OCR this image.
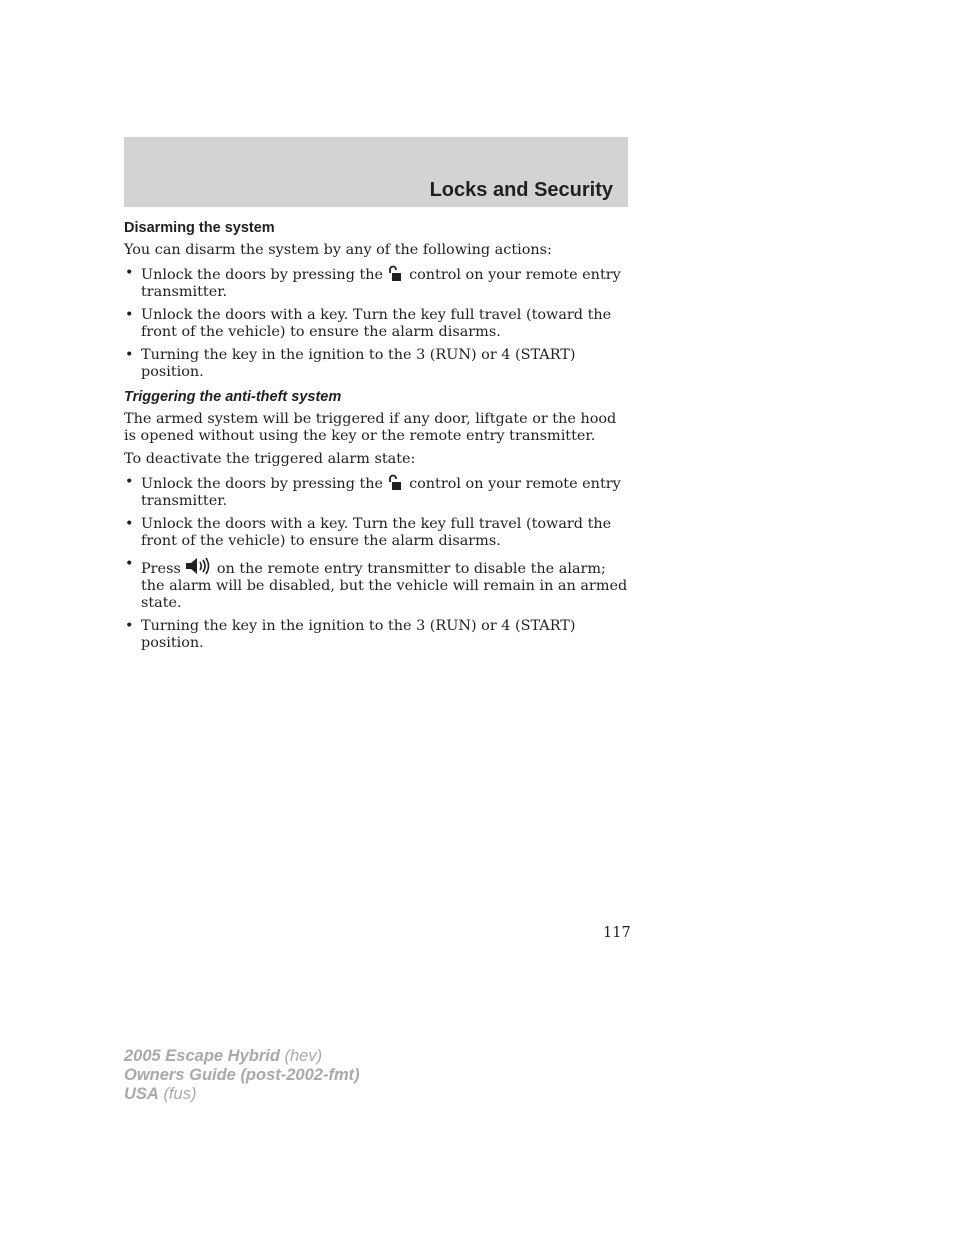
Locks and Security
Disarming the system

You can disarm the system by any of the following actions:

• Unlock the doors by pressing the control on your remote entry transmitter.
• Unlock the doors with a key. Turn the key full travel (toward the front of the vehicle) to ensure the alarm disarms.
• Turning the key in the ignition to the 3 (RUN) or 4 (START) position.
Triggering the anti-theft system

The armed system will be triggered if any door, liftgate or the hood is opened without using the key or the remote entry transmitter.

To deactivate the triggered alarm state:

• Unlock the doors by pressing the control on your remote entry transmitter.
• Unlock the doors with a key. Turn the key full travel (toward the front of the vehicle) to ensure the alarm disarms.
• Press	on the remote entry transmitter to disable the alarm; the alarm will be disabled, but the vehicle will remain in an armed state.
• Turning the key in the ignition to the 3 (RUN) or 4 (START) position.
117
2005 Escape Hybrid (hev)
Owners Guide (post-2002-fmt)
USA (fus)
